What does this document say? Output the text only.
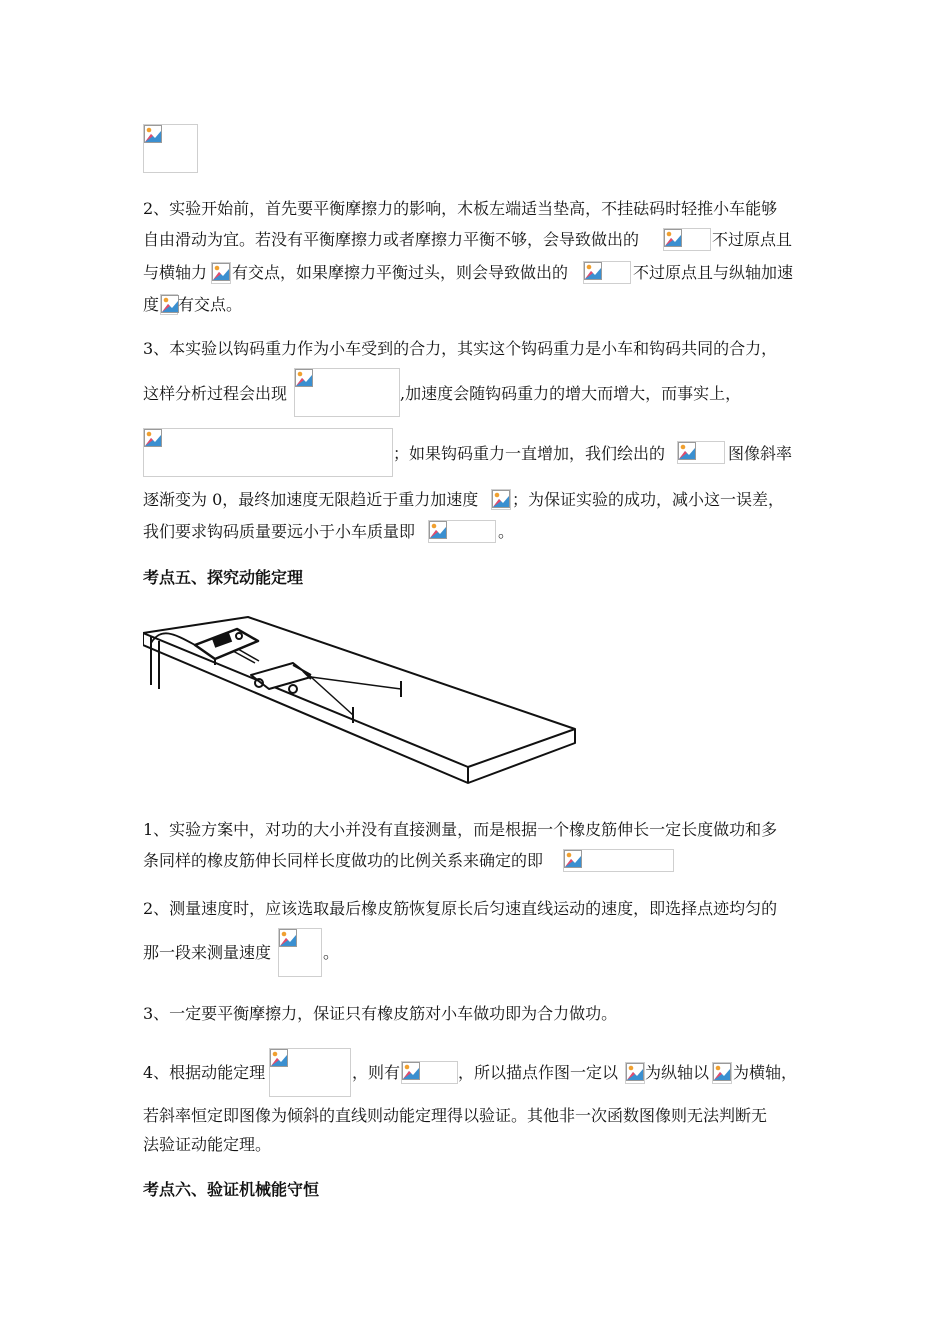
2、实验开始前，首先要平衡摩擦力的影响，木板左端适当垫高，不挂砝码时轻推小车能够
自由滑动为宜。若没有平衡摩擦力或者摩擦力平衡不够，会导致做出的	不过原点且
与横轴力 有交点，如果摩擦力平衡过头，则会导致做出的	不过原点且与纵轴加速
度 有交点。
3、本实验以钩码重力作为小车受到的合力，其实这个钩码重力是小车和钩码共同的合力，
这样分析过程会出现	,加速度会随钩码重力的增大而增大，而事实上，
；如果钩码重力一直增加，我们绘出的	图像斜率
逐渐变为 0，最终加速度无限趋近于重力加速度 ；为保证实验的成功，减小这一误差，
我们要求钩码质量要远小于小车质量即	。
考点五、探究动能定理
1、实验方案中，对功的大小并没有直接测量，而是根据一个橡皮筋伸长一定长度做功和多
条同样的橡皮筋伸长同样长度做功的比例关系来确定的即
2、测量速度时，应该选取最后橡皮筋恢复原长后匀速直线运动的速度，即选择点迹均匀的
那一段来测量速度	。
3、一定要平衡摩擦力，保证只有橡皮筋对小车做功即为合力做功。
4、根据动能定理	，则有	，所以描点作图一定以 为纵轴以 为横轴，
若斜率恒定即图像为倾斜的直线则动能定理得以验证。其他非一次函数图像则无法判断无
法验证动能定理。
考点六、验证机械能守恒
